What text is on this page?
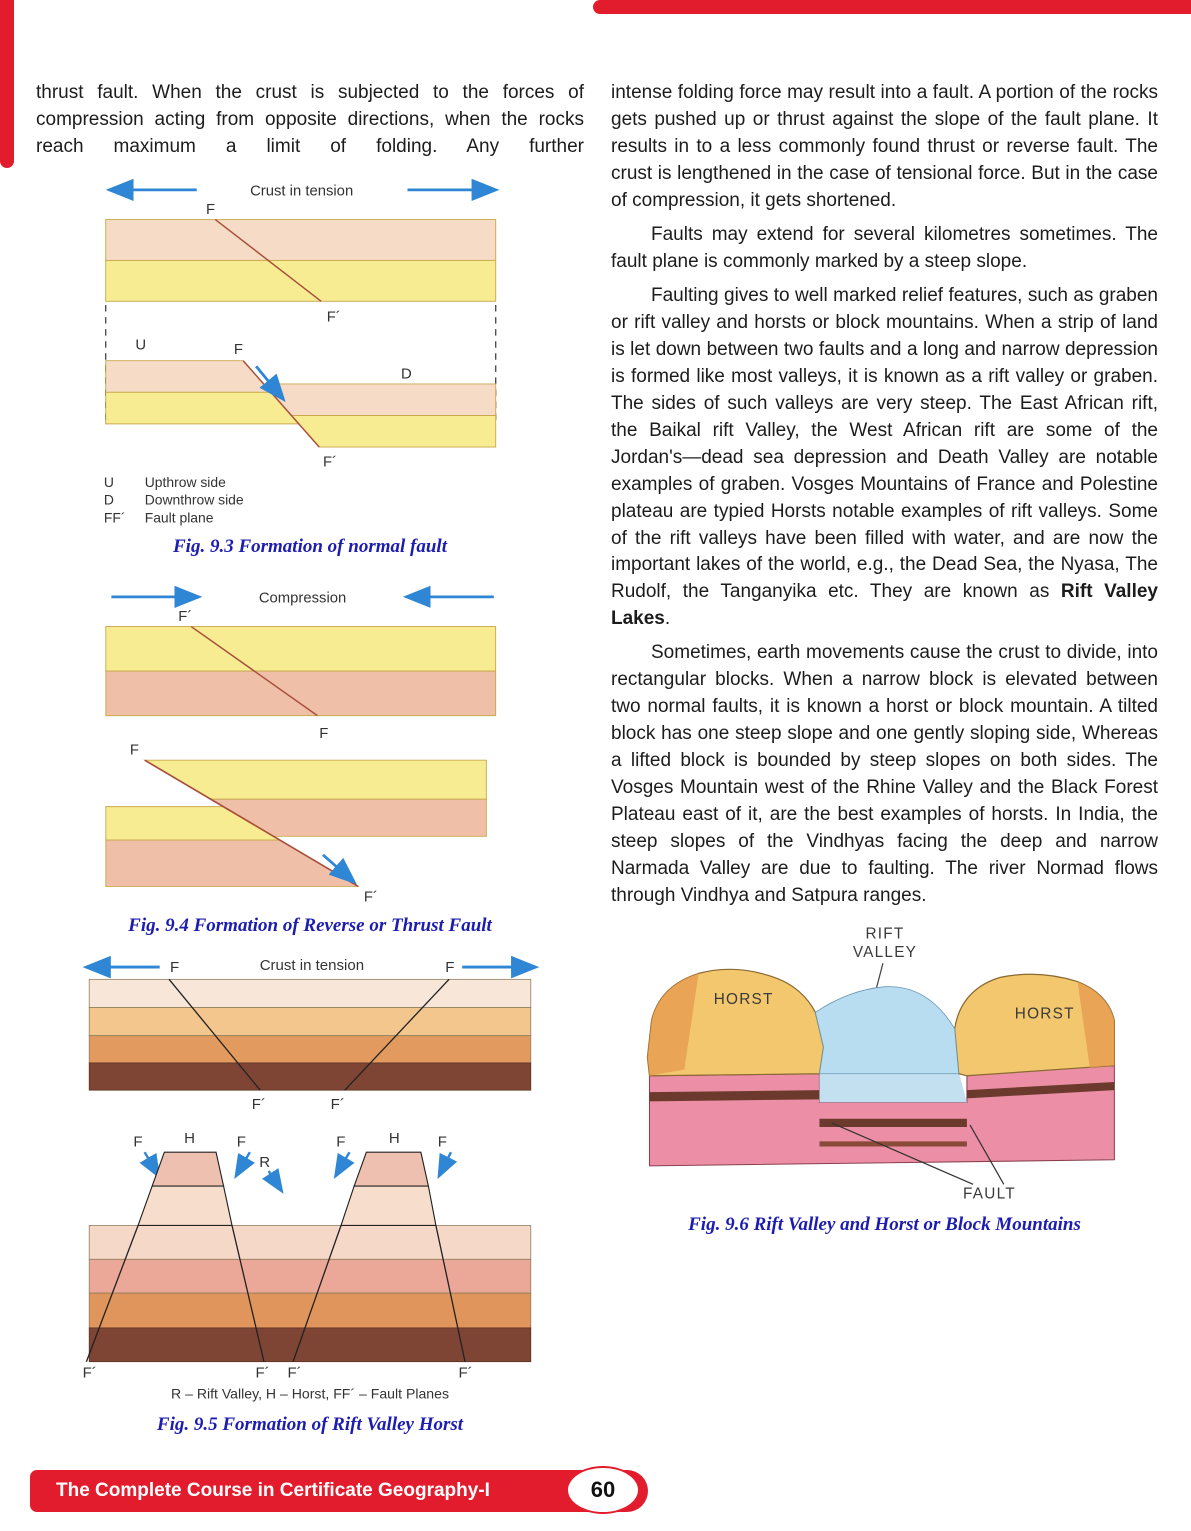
thrust fault. When the crust is subjected to the forces of compression acting from opposite directions, when the rocks reach maximum a limit of folding. Any further

Crust in tension
F
F´
U	F
D
F´
U Upthrow side
D Downthrow side
FF´ Fault plane
Fig. 9.3 Formation of normal fault
Compression
F´
F
F
F´
Fig. 9.4 Formation of Reverse or Thrust Fault
F	Crust in tension	F
F´	F´
F	H	F	F	H F
R
F´	F´ F´	F´
R – Rift Valley, H – Horst, FF´ – Fault Planes
Fig. 9.5 Formation of Rift Valley Horst

intense folding force may result into a fault. A portion of the rocks gets pushed up or thrust against the slope of the fault plane. It results in to a less commonly found thrust or reverse fault. The crust is lengthened in the case of tensional force. But in the case of compression, it gets shortened.

Faults may extend for several kilometres sometimes. The fault plane is commonly marked by a steep slope.

Faulting gives to well marked relief features, such as graben or rift valley and horsts or block mountains. When a strip of land is let down between two faults and a long and narrow depression is formed like most valleys, it is known as a rift valley or graben. The sides of such valleys are very steep. The East African rift, the Baikal rift Valley, the West African rift are some of the Jordan's—dead sea depression and Death Valley are notable examples of graben. Vosges Mountains of France and Polestine plateau are typied Horsts notable examples of rift valleys. Some of the rift valleys have been filled with water, and are now the important lakes of the world, e.g., the Dead Sea, the Nyasa, The Rudolf, the Tanganyika etc. They are known as Rift Valley Lakes.

Sometimes, earth movements cause the crust to divide, into rectangular blocks. When a narrow block is elevated between two normal faults, it is known a horst or block mountain. A tilted block has one steep slope and one gently sloping side, Whereas a lifted block is bounded by steep slopes on both sides. The Vosges Mountain west of the Rhine Valley and the Black Forest Plateau east of it, are the best examples of horsts. In India, the steep slopes of the Vindhyas facing the deep and narrow Narmada Valley are due to faulting. The river Normad flows through Vindhya and Satpura ranges.

RIFT
VALLEY
HORST
HORST
FAULT
Fig. 9.6 Rift Valley and Horst or Block Mountains
The Complete Course in Certificate Geography-I	60
